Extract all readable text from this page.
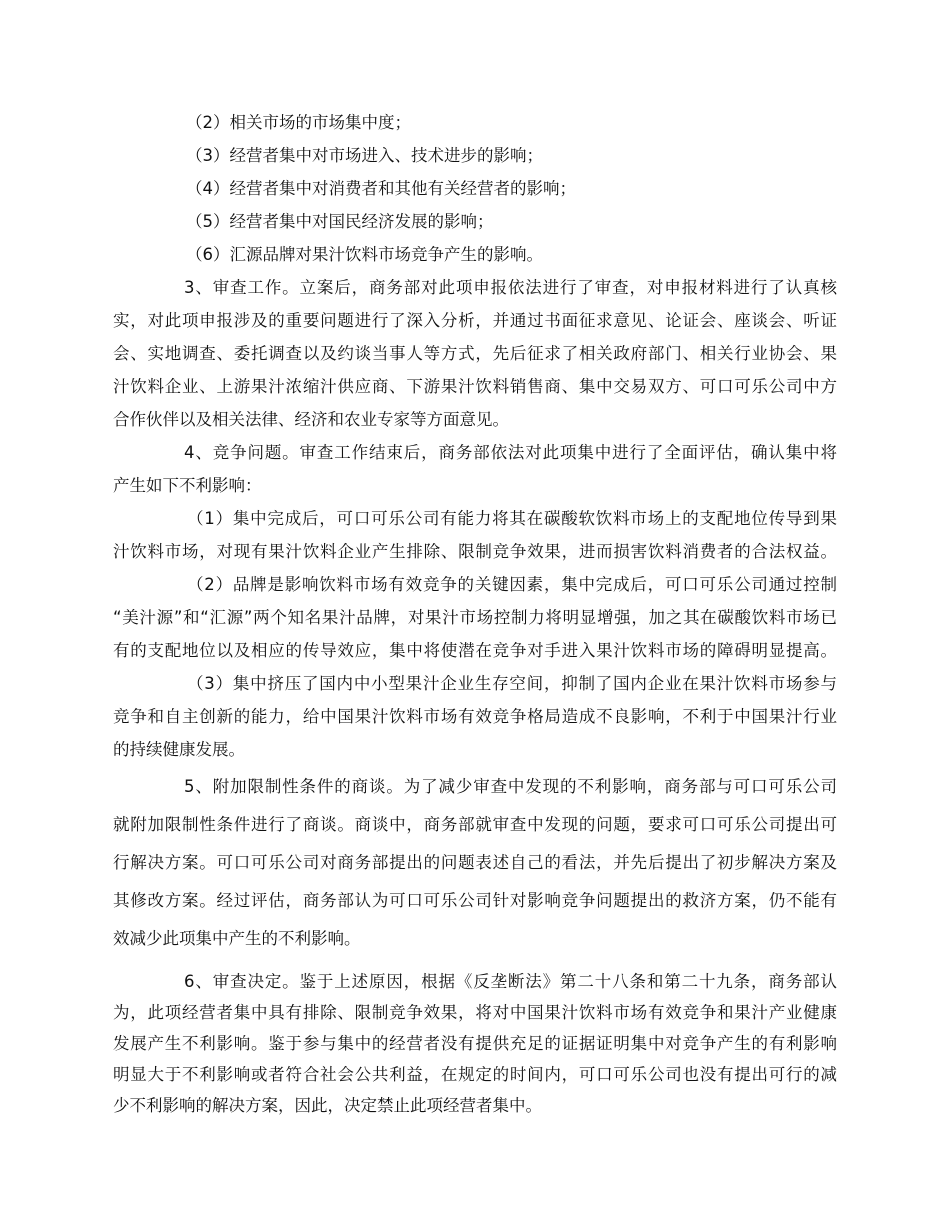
（2）相关市场的市场集中度；
（3）经营者集中对市场进入、技术进步的影响；
（4）经营者集中对消费者和其他有关经营者的影响；
（5）经营者集中对国民经济发展的影响；
（6）汇源品牌对果汁饮料市场竞争产生的影响。
3、审查工作。立案后，商务部对此项申报依法进行了审查，对申报材料进行了认真核
实，对此项申报涉及的重要问题进行了深入分析，并通过书面征求意见、论证会、座谈会、听证
会、实地调查、委托调查以及约谈当事人等方式，先后征求了相关政府部门、相关行业协会、果
汁饮料企业、上游果汁浓缩汁供应商、下游果汁饮料销售商、集中交易双方、可口可乐公司中方
合作伙伴以及相关法律、经济和农业专家等方面意见。
4、竞争问题。审查工作结束后，商务部依法对此项集中进行了全面评估，确认集中将
产生如下不利影响：
（1）集中完成后，可口可乐公司有能力将其在碳酸软饮料市场上的支配地位传导到果
汁饮料市场，对现有果汁饮料企业产生排除、限制竞争效果，进而损害饮料消费者的合法权益。
（2）品牌是影响饮料市场有效竞争的关键因素，集中完成后，可口可乐公司通过控制
“美汁源”和“汇源”两个知名果汁品牌，对果汁市场控制力将明显增强，加之其在碳酸饮料市场已
有的支配地位以及相应的传导效应，集中将使潜在竞争对手进入果汁饮料市场的障碍明显提高。
（3）集中挤压了国内中小型果汁企业生存空间，抑制了国内企业在果汁饮料市场参与
竞争和自主创新的能力，给中国果汁饮料市场有效竞争格局造成不良影响，不利于中国果汁行业
的持续健康发展。
5、附加限制性条件的商谈。为了减少审查中发现的不利影响，商务部与可口可乐公司
就附加限制性条件进行了商谈。商谈中，商务部就审查中发现的问题，要求可口可乐公司提出可
行解决方案。可口可乐公司对商务部提出的问题表述自己的看法，并先后提出了初步解决方案及
其修改方案。经过评估，商务部认为可口可乐公司针对影响竞争问题提出的救济方案，仍不能有
效减少此项集中产生的不利影响。
6、审查决定。鉴于上述原因，根据《反垄断法》第二十八条和第二十九条，商务部认
为，此项经营者集中具有排除、限制竞争效果，将对中国果汁饮料市场有效竞争和果汁产业健康
发展产生不利影响。鉴于参与集中的经营者没有提供充足的证据证明集中对竞争产生的有利影响
明显大于不利影响或者符合社会公共利益，在规定的时间内，可口可乐公司也没有提出可行的减
少不利影响的解决方案，因此，决定禁止此项经营者集中。
